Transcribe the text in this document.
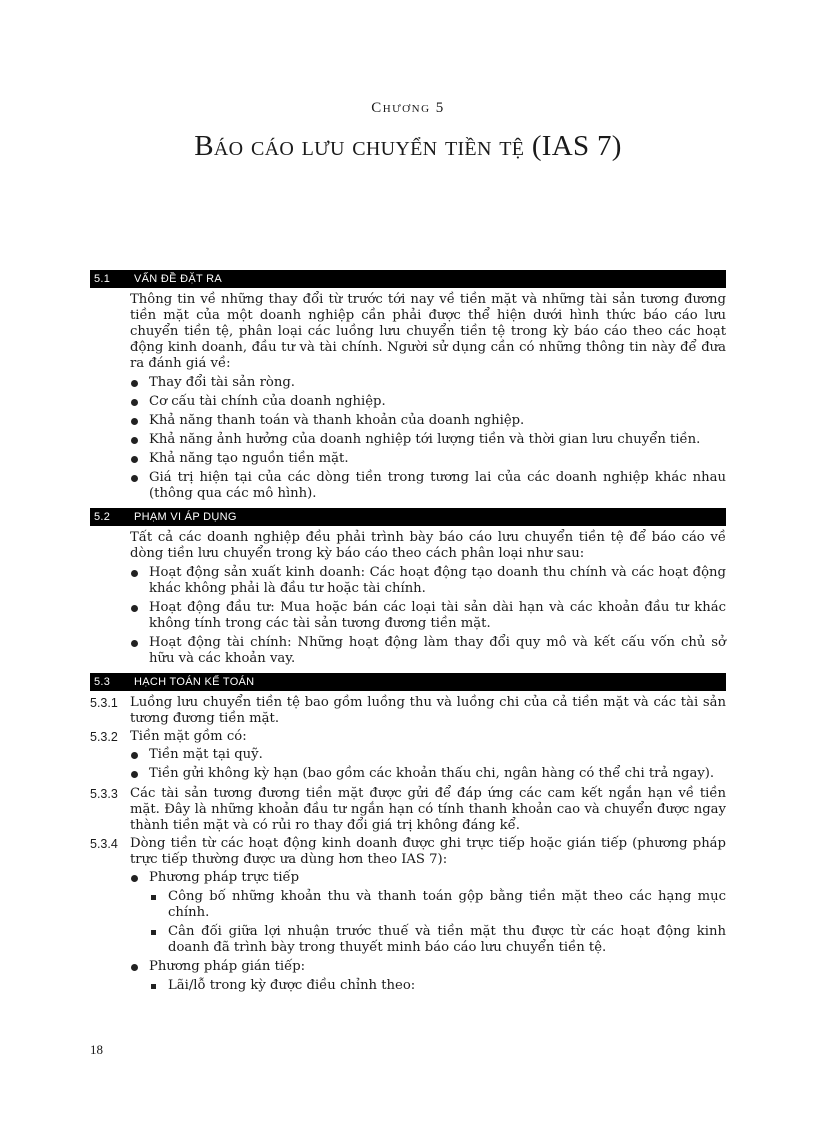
Chương 5
Báo cáo lưu chuyển tiền tệ (IAS 7)
5.1	VẤN ĐỀ ĐẶT RA

Thông tin về những thay đổi từ trước tới nay về tiền mặt và những tài sản tương đương tiền mặt của một doanh nghiệp cần phải được thể hiện dưới hình thức báo cáo lưu chuyển tiền tệ, phân loại các luồng lưu chuyển tiền tệ trong kỳ báo cáo theo các hoạt động kinh doanh, đầu tư và tài chính. Người sử dụng cần có những thông tin này để đưa ra đánh giá về:

Thay đổi tài sản ròng.
Cơ cấu tài chính của doanh nghiệp.
Khả năng thanh toán và thanh khoản của doanh nghiệp.
Khả năng ảnh hưởng của doanh nghiệp tới lượng tiền và thời gian lưu chuyển tiền.
Khả năng tạo nguồn tiền mặt.
Giá trị hiện tại của các dòng tiền trong tương lai của các doanh nghiệp khác nhau (thông qua các mô hình).
5.2	PHẠM VI ÁP DỤNG

Tất cả các doanh nghiệp đều phải trình bày báo cáo lưu chuyển tiền tệ để báo cáo về dòng tiền lưu chuyển trong kỳ báo cáo theo cách phân loại như sau:

Hoạt động sản xuất kinh doanh: Các hoạt động tạo doanh thu chính và các hoạt động khác không phải là đầu tư hoặc tài chính.
Hoạt động đầu tư: Mua hoặc bán các loại tài sản dài hạn và các khoản đầu tư khác không tính trong các tài sản tương đương tiền mặt.
Hoạt động tài chính: Những hoạt động làm thay đổi quy mô và kết cấu vốn chủ sở hữu và các khoản vay.
5.3	HẠCH TOÁN KẾ TOÁN
5.3.1 Luồng lưu chuyển tiền tệ bao gồm luồng thu và luồng chi của cả tiền mặt và các tài sản tương đương tiền mặt.
5.3.2 Tiền mặt gồm có:
Tiền mặt tại quỹ.
Tiền gửi không kỳ hạn (bao gồm các khoản thấu chi, ngân hàng có thể chi trả ngay).
5.3.3 Các tài sản tương đương tiền mặt được gửi để đáp ứng các cam kết ngắn hạn về tiền mặt. Đây là những khoản đầu tư ngắn hạn có tính thanh khoản cao và chuyển được ngay thành tiền mặt và có rủi ro thay đổi giá trị không đáng kể.
5.3.4 Dòng tiền từ các hoạt động kinh doanh được ghi trực tiếp hoặc gián tiếp (phương pháp trực tiếp thường được ưa dùng hơn theo IAS 7):
Phương pháp trực tiếp
Công bố những khoản thu và thanh toán gộp bằng tiền mặt theo các hạng mục chính.
Cân đối giữa lợi nhuận trước thuế và tiền mặt thu được từ các hoạt động kinh doanh đã trình bày trong thuyết minh báo cáo lưu chuyển tiền tệ.
Phương pháp gián tiếp:
Lãi/lỗ trong kỳ được điều chỉnh theo:
18
